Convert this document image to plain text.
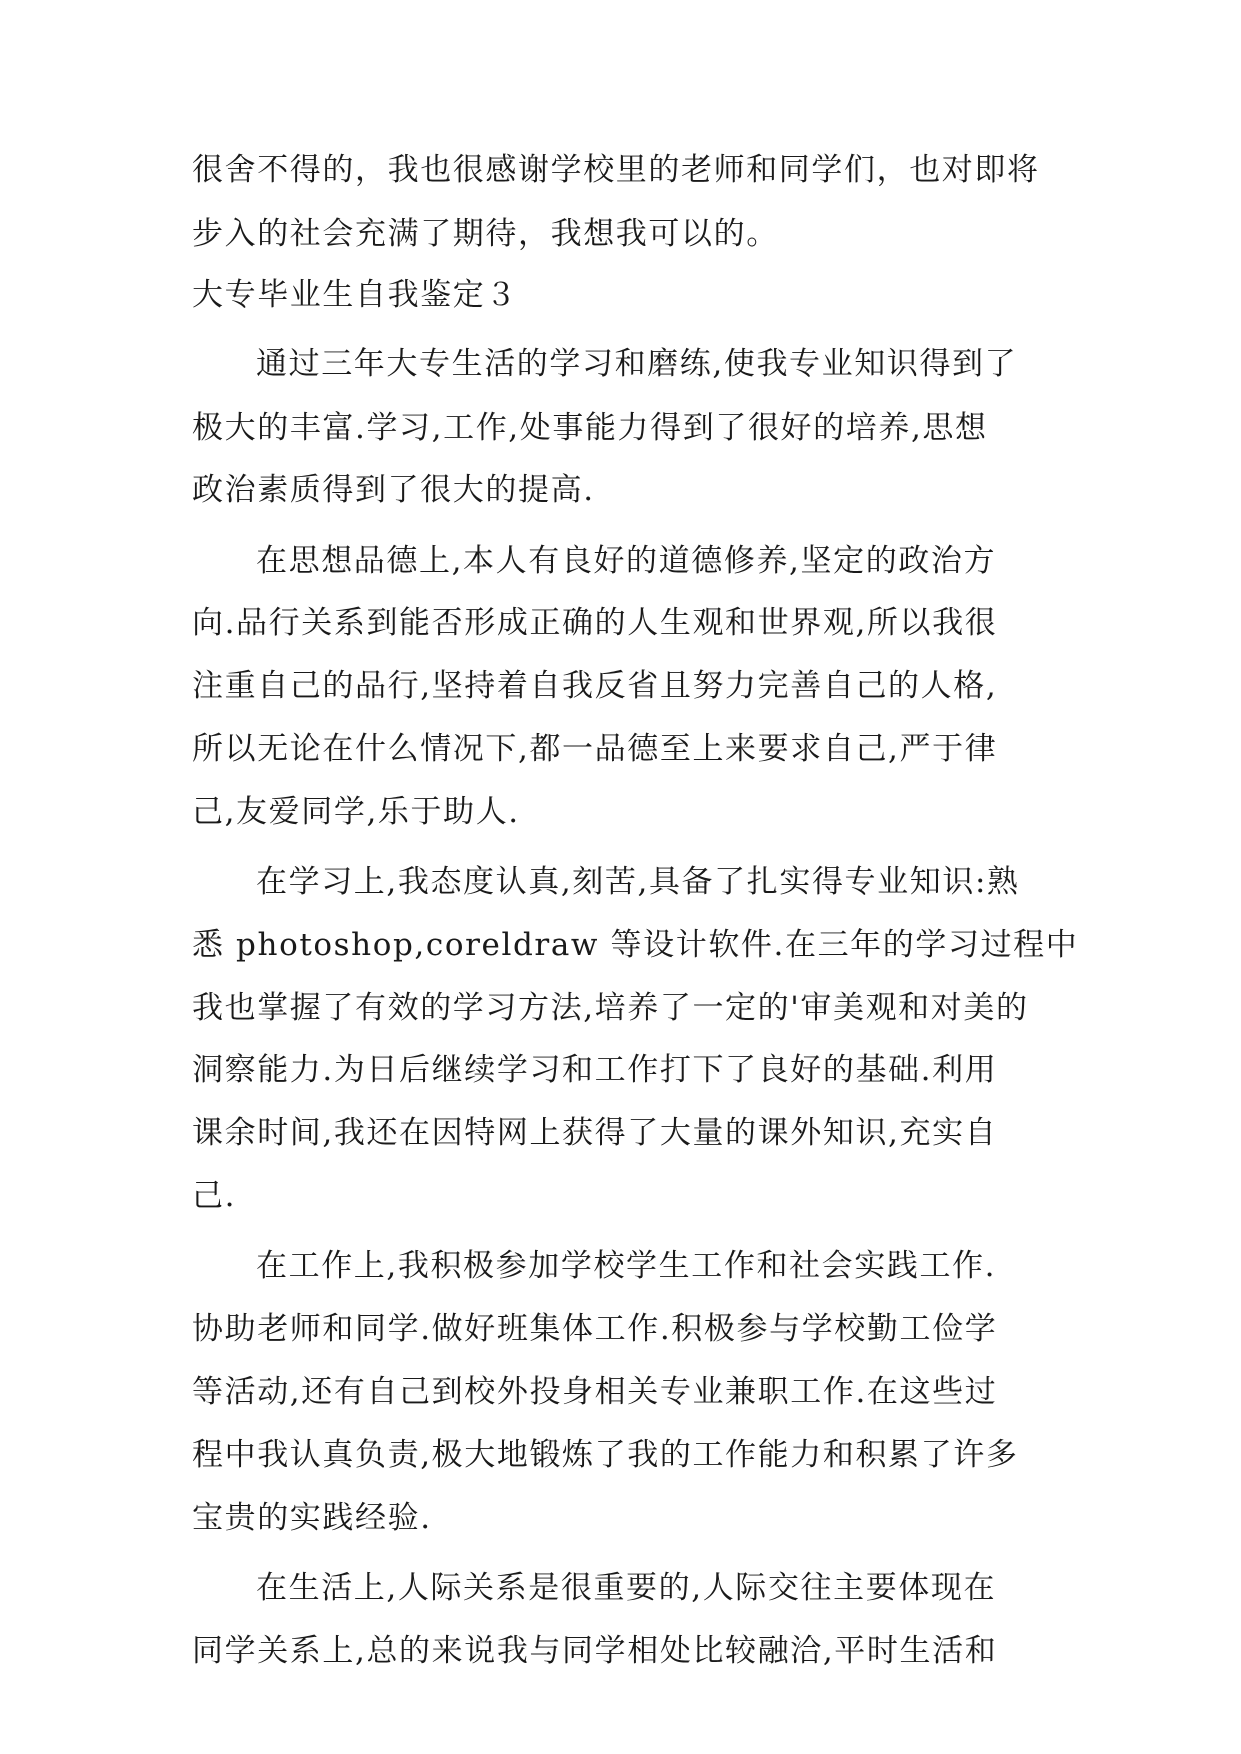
很舍不得的，我也很感谢学校里的老师和同学们，也对即将
步入的社会充满了期待，我想我可以的。
大专毕业生自我鉴定３
通过三年大专生活的学习和磨练,使我专业知识得到了
极大的丰富.学习,工作,处事能力得到了很好的培养,思想
政治素质得到了很大的提高.
在思想品德上,本人有良好的道德修养,坚定的政治方
向.品行关系到能否形成正确的人生观和世界观,所以我很
注重自己的品行,坚持着自我反省且努力完善自己的人格,
所以无论在什么情况下,都一品德至上来要求自己,严于律
己,友爱同学,乐于助人.
在学习上,我态度认真,刻苦,具备了扎实得专业知识:熟
悉 photoshop,coreldraw 等设计软件.在三年的学习过程中
我也掌握了有效的学习方法,培养了一定的'审美观和对美的
洞察能力.为日后继续学习和工作打下了良好的基础.利用
课余时间,我还在因特网上获得了大量的课外知识,充实自
己.
在工作上,我积极参加学校学生工作和社会实践工作.
协助老师和同学.做好班集体工作.积极参与学校勤工俭学
等活动,还有自己到校外投身相关专业兼职工作.在这些过
程中我认真负责,极大地锻炼了我的工作能力和积累了许多
宝贵的实践经验.
在生活上,人际关系是很重要的,人际交往主要体现在
同学关系上,总的来说我与同学相处比较融洽,平时生活和
